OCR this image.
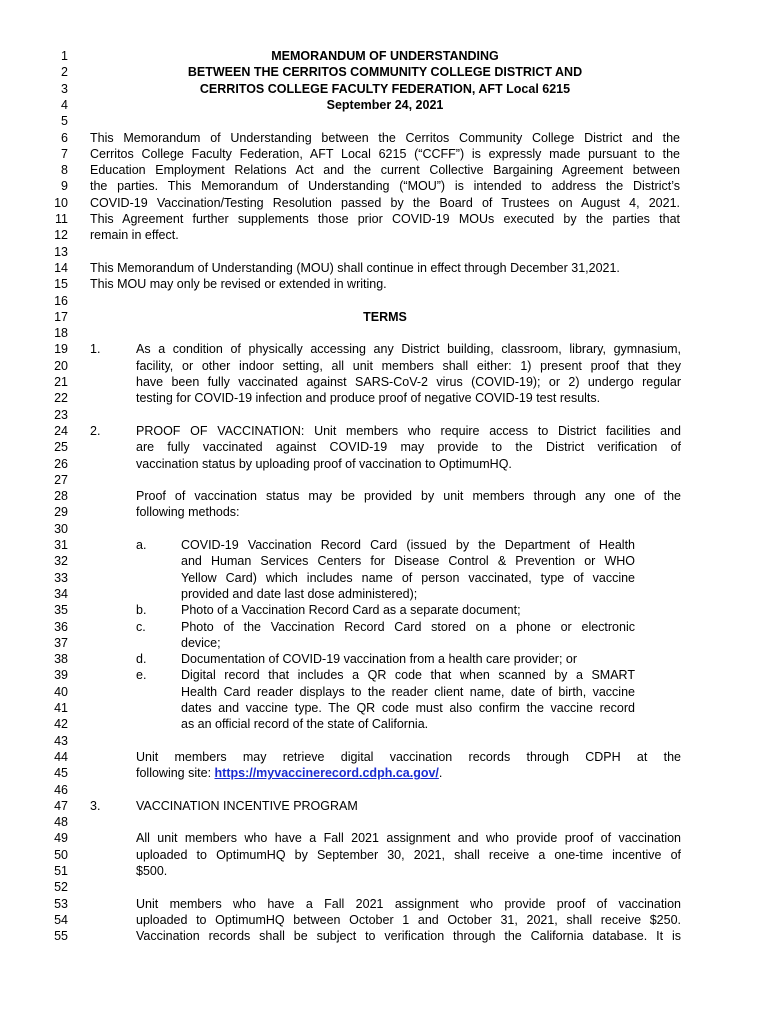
1
2
3
4
5
6
7
8
9
10
11
12
13
14
15
16
17
18
19
20
21
22
23
24
25
26
27
28
29
30
31
32
33
34
35
36
37
38
39
40
41
42
43
44
45
46
47
48
49
50
51
52
53
54
55
MEMORANDUM OF UNDERSTANDING
BETWEEN THE CERRITOS COMMUNITY COLLEGE DISTRICT AND
CERRITOS COLLEGE FACULTY FEDERATION, AFT Local 6215
September 24, 2021
This Memorandum of Understanding between the Cerritos Community College District and the
Cerritos College Faculty Federation, AFT Local 6215 (“CCFF”) is expressly made pursuant to the
Education Employment Relations Act and the current Collective Bargaining Agreement between
the parties. This Memorandum of Understanding (“MOU”) is intended to address the District’s
COVID-19 Vaccination/Testing Resolution passed by the Board of Trustees on August 4, 2021.
This Agreement further supplements those prior COVID-19 MOUs executed by the parties that
remain in effect.
This Memorandum of Understanding (MOU) shall continue in effect through December 31,2021.
This MOU may only be revised or extended in writing.
TERMS
1.	As a condition of physically accessing any District building, classroom, library, gymnasium,
facility, or other indoor setting, all unit members shall either: 1) present proof that they
have been fully vaccinated against SARS-CoV-2 virus (COVID-19); or 2) undergo regular
testing for COVID-19 infection and produce proof of negative COVID-19 test results.
2.	PROOF OF VACCINATION: Unit members who require access to District facilities and
are fully vaccinated against COVID-19 may provide to the District verification of
vaccination status by uploading proof of vaccination to OptimumHQ.
Proof of vaccination status may be provided by unit members through any one of the
following methods:
a.	COVID-19 Vaccination Record Card (issued by the Department of Health
and Human Services Centers for Disease Control & Prevention or WHO
Yellow Card) which includes name of person vaccinated, type of vaccine
provided and date last dose administered);
b.	Photo of a Vaccination Record Card as a separate document;
c.	Photo of the Vaccination Record Card stored on a phone or electronic
device;
d.	Documentation of COVID-19 vaccination from a health care provider; or
e.	Digital record that includes a QR code that when scanned by a SMART
Health Card reader displays to the reader client name, date of birth, vaccine
dates and vaccine type. The QR code must also confirm the vaccine record
as an official record of the state of California.
Unit members may retrieve digital vaccination records through CDPH at the
following site: https://myvaccinerecord.cdph.ca.gov/.
3.	VACCINATION INCENTIVE PROGRAM
All unit members who have a Fall 2021 assignment and who provide proof of vaccination
uploaded to OptimumHQ by September 30, 2021, shall receive a one-time incentive of
$500.
Unit members who have a Fall 2021 assignment who provide proof of vaccination
uploaded to OptimumHQ between October 1 and October 31, 2021, shall receive $250.
Vaccination records shall be subject to verification through the California database. It is
